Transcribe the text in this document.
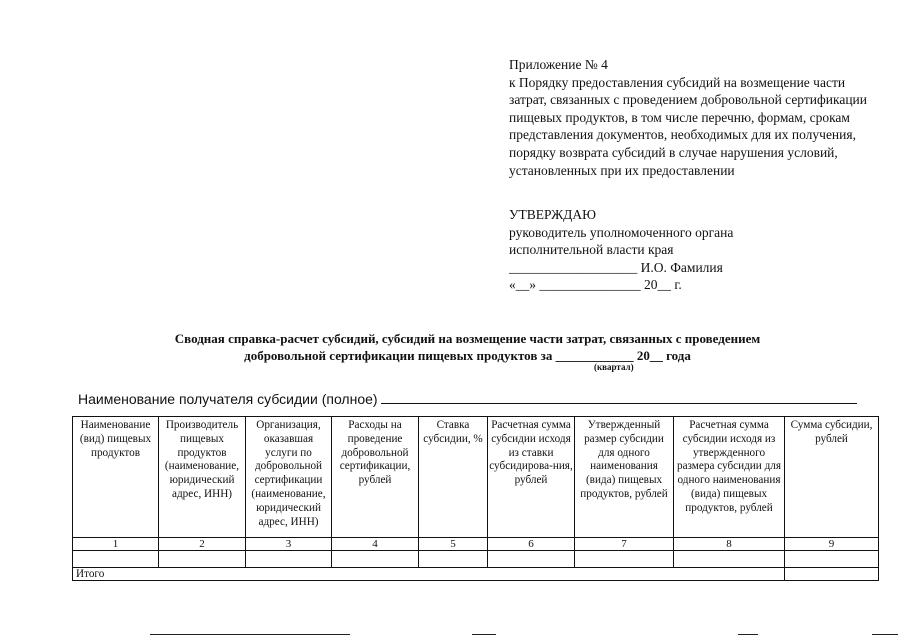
Приложение № 4
к Порядку предоставления субсидий на возмещение части затрат, связанных с проведением добровольной сертификации пищевых продуктов, в том числе перечню, формам, срокам представления документов, необходимых для их получения, порядку возврата субсидий в случае нарушения условий, установленных при их предоставлении
УТВЕРЖДАЮ
руководитель уполномоченного органа
исполнительной власти края
___________________ И.О. Фамилия
«__» _______________ 20__ г.
Сводная справка-расчет субсидий, субсидий на возмещение части затрат, связанных с проведением
добровольной сертификации пищевых продуктов за ____________ 20__ года
(квартал)
Наименование получателя субсидии (полное)
Наименование (вид) пищевых продуктов	Производитель пищевых продуктов (наименование, юридический адрес, ИНН)	Организация, оказавшая услуги по добровольной сертификации (наименование, юридический адрес, ИНН)	Расходы на проведение добровольной сертификации, рублей	Ставка субсидии, %	Расчетная сумма субсидии исходя из ставки субсидирова-ния, рублей	Утвержденный размер субсидии для одного наименования (вида) пищевых продуктов, рублей	Расчетная сумма субсидии исходя из утвержденного размера субсидии для одного наименования (вида) пищевых продуктов, рублей	Сумма субсидии, рублей
1	2	3	4	5	6	7	8	9

Итого								
